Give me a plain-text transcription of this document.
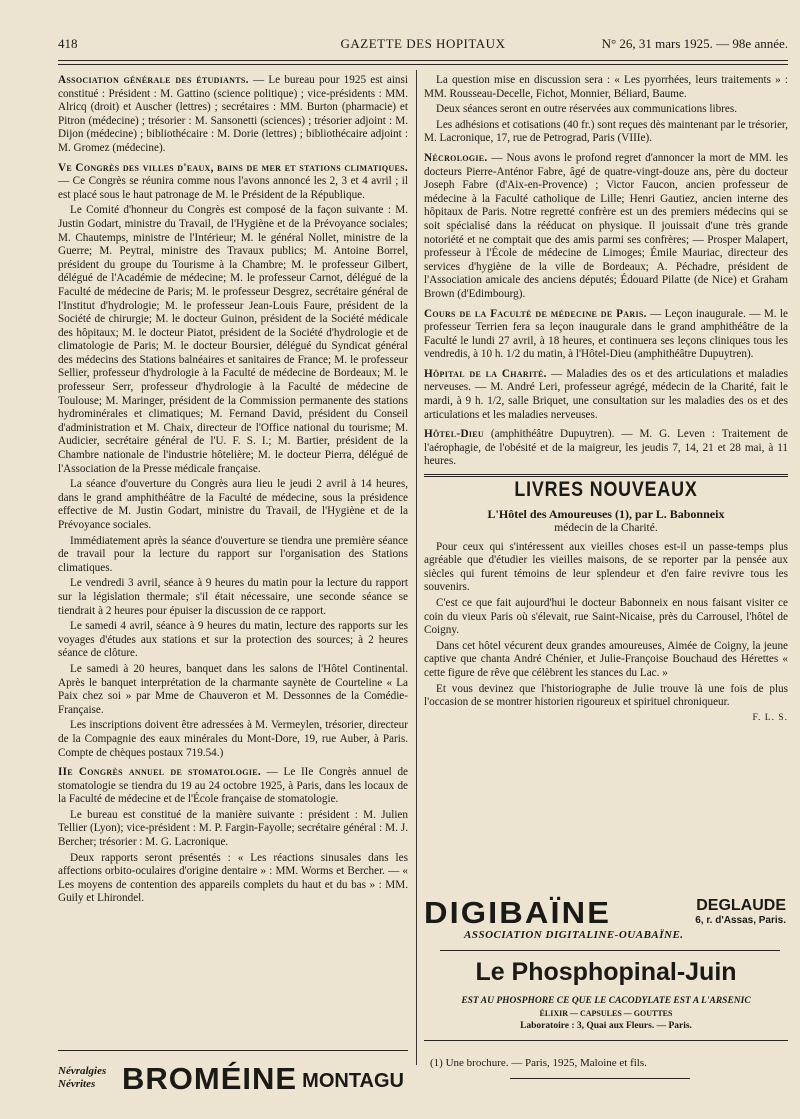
418	GAZETTE DES HOPITAUX	N° 26, 31 mars 1925. — 98e année.

Association générale des étudiants. — Le bureau pour 1925 est ainsi constitué : Président : M. Gattino (science politique) ; vice-présidents : MM. Alricq (droit) et Auscher (lettres) ; secrétaires : MM. Burton (pharmacie) et Pitron (médecine) ; trésorier : M. Sansonetti (sciences) ; trésorier adjoint : M. Dijon (médecine) ; bibliothécaire : M. Dorie (lettres) ; bibliothécaire adjoint : M. Gromez (médecine).

Ve Congrès des villes d'eaux, bains de mer et stations climatiques. — Ce Congrès se réunira comme nous l'avons annoncé les 2, 3 et 4 avril ; il est placé sous le haut patronage de M. le Président de la République.

Le Comité d'honneur du Congrès est composé de la façon suivante : M. Justin Godart, ministre du Travail, de l'Hygiène et de la Prévoyance sociales; M. Chautemps, ministre de l'Intérieur; M. le général Nollet, ministre de la Guerre; M. Peytral, ministre des Travaux publics; M. Antoine Borrel, président du groupe du Tourisme à la Chambre; M. le professeur Gilbert, délégué de l'Académie de médecine; M. le professeur Carnot, délégué de la Faculté de médecine de Paris; M. le professeur Desgrez, secrétaire général de l'Institut d'hydrologie; M. le professeur Jean-Louis Faure, président de la Société de chirurgie; M. le docteur Guinon, président de la Société médicale des hôpitaux; M. le docteur Piatot, président de la Société d'hydrologie et de climatologie de Paris; M. le docteur Boursier, délégué du Syndicat général des médecins des Stations balnéaires et sanitaires de France; M. le professeur Sellier, professeur d'hydrologie à la Faculté de médecine de Bordeaux; M. le professeur Serr, professeur d'hydrologie à la Faculté de médecine de Toulouse; M. Maringer, président de la Commission permanente des stations hydrominérales et climatiques; M. Fernand David, président du Conseil d'administration et M. Chaix, directeur de l'Office national du tourisme; M. Audicier, secrétaire général de l'U. F. S. I.; M. Bartier, président de la Chambre nationale de l'industrie hôtelière; M. le docteur Pierra, délégué de l'Association de la Presse médicale française.

La séance d'ouverture du Congrès aura lieu le jeudi 2 avril à 14 heures, dans le grand amphithéâtre de la Faculté de médecine, sous la présidence effective de M. Justin Godart, ministre du Travail, de l'Hygiène et de la Prévoyance sociales.

Immédiatement après la séance d'ouverture se tiendra une première séance de travail pour la lecture du rapport sur l'organisation des Stations climatiques.

Le vendredi 3 avril, séance à 9 heures du matin pour la lecture du rapport sur la législation thermale; s'il était nécessaire, une seconde séance se tiendrait à 2 heures pour épuiser la discussion de ce rapport.

Le samedi 4 avril, séance à 9 heures du matin, lecture des rapports sur les voyages d'études aux stations et sur la protection des sources; à 2 heures séance de clôture.

Le samedi à 20 heures, banquet dans les salons de l'Hôtel Continental. Après le banquet interprétation de la charmante saynète de Courteline « La Paix chez soi » par Mme de Chauveron et M. Dessonnes de la Comédie-Française.

Les inscriptions doivent être adressées à M. Vermeylen, trésorier, directeur de la Compagnie des eaux minérales du Mont-Dore, 19, rue Auber, à Paris. Compte de chèques postaux 719.54.)

IIe Congrès annuel de stomatologie. — Le IIe Congrès annuel de stomatologie se tiendra du 19 au 24 octobre 1925, à Paris, dans les locaux de la Faculté de médecine et de l'École française de stomatologie.

Le bureau est constitué de la manière suivante : président : M. Julien Tellier (Lyon); vice-président : M. P. Fargin-Fayolle; secrétaire général : M. J. Bercher; trésorier : M. G. Lacronique.

Deux rapports seront présentés : « Les réactions sinusales dans les affections orbito-oculaires d'origine dentaire » : MM. Worms et Bercher. — « Les moyens de contention des appareils complets du haut et du bas » : MM. Guily et Lhirondel.

La question mise en discussion sera : « Les pyorrhées, leurs traitements » : MM. Rousseau-Decelle, Fichot, Monnier, Béliard, Baume.

Deux séances seront en outre réservées aux communications libres.

Les adhésions et cotisations (40 fr.) sont reçues dès maintenant par le trésorier, M. Lacronique, 17, rue de Petrograd, Paris (VIIIe).

Nécrologie. — Nous avons le profond regret d'annoncer la mort de MM. les docteurs Pierre-Anténor Fabre, âgé de quatre-vingt-douze ans, père du docteur Joseph Fabre (d'Aix-en-Provence) ; Victor Faucon, ancien professeur de médecine à la Faculté catholique de Lille; Henri Gautiez, ancien interne des hôpitaux de Paris. Notre regretté confrère est un des premiers médecins qui se soit spécialisé dans la rééducat on physique. Il jouissait d'une très grande notoriété et ne comptait que des amis parmi ses confrères; — Prosper Malapert, professeur à l'École de médecine de Limoges; Émile Mauriac, directeur des services d'hygiène de la ville de Bordeaux; A. Péchadre, président de l'Association amicale des anciens députés; Édouard Pilatte (de Nice) et Graham Brown (d'Edimbourg).

Cours de la Faculté de médecine de Paris. — Leçon inaugurale. — M. le professeur Terrien fera sa leçon inaugurale dans le grand amphithéâtre de la Faculté le lundi 27 avril, à 18 heures, et continuera ses leçons cliniques tous les vendredis, à 10 h. 1/2 du matin, à l'Hôtel-Dieu (amphithéâtre Dupuytren).

Hôpital de la Charité. — Maladies des os et des articulations et maladies nerveuses. — M. André Leri, professeur agrégé, médecin de la Charité, fait le mardi, à 9 h. 1/2, salle Briquet, une consultation sur les maladies des os et des articulations et les maladies nerveuses.

Hôtel-Dieu (amphithéâtre Dupuytren). — M. G. Leven : Traitement de l'aérophagie, de l'obésité et de la maigreur, les jeudis 7, 14, 21 et 28 mai, à 11 heures.

LIVRES NOUVEAUX
L'Hôtel des Amoureuses (1), par L. Babonneix
médecin de la Charité.

Pour ceux qui s'intéressent aux vieilles choses est-il un passe-temps plus agréable que d'étudier les vieilles maisons, de se reporter par la pensée aux siècles qui furent témoins de leur splendeur et d'en faire revivre tous les souvenirs.

C'est ce que fait aujourd'hui le docteur Babonneix en nous faisant visiter ce coin du vieux Paris où s'élevait, rue Saint-Nicaise, près du Carrousel, l'hôtel de Coigny.

Dans cet hôtel vécurent deux grandes amoureuses, Aimée de Coigny, la jeune captive que chanta André Chénier, et Julie-Françoise Bouchaud des Hérettes « cette figure de rêve que célèbrent les stances du Lac. »

Et vous devinez que l'historiographe de Julie trouve là une fois de plus l'occasion de se montrer historien rigoureux et spirituel chroniqueur.

F. L. S.
DIGIBAÏNE	DEGLAUDE
6, r. d'Assas, Paris.
ASSOCIATION DIGITALINE-OUABAÏNE.
Le Phosphopinal-Juin
EST AU PHOSPHORE CE QUE LE CACODYLATE EST A L'ARSENIC
ÉLIXIR — CAPSULES — GOUTTES
Laboratoire : 3, Quai aux Fleurs. — Paris.
(1) Une brochure. — Paris, 1925, Maloine et fils.
Névralgies
Névrites BROMÉINE MONTAGU
